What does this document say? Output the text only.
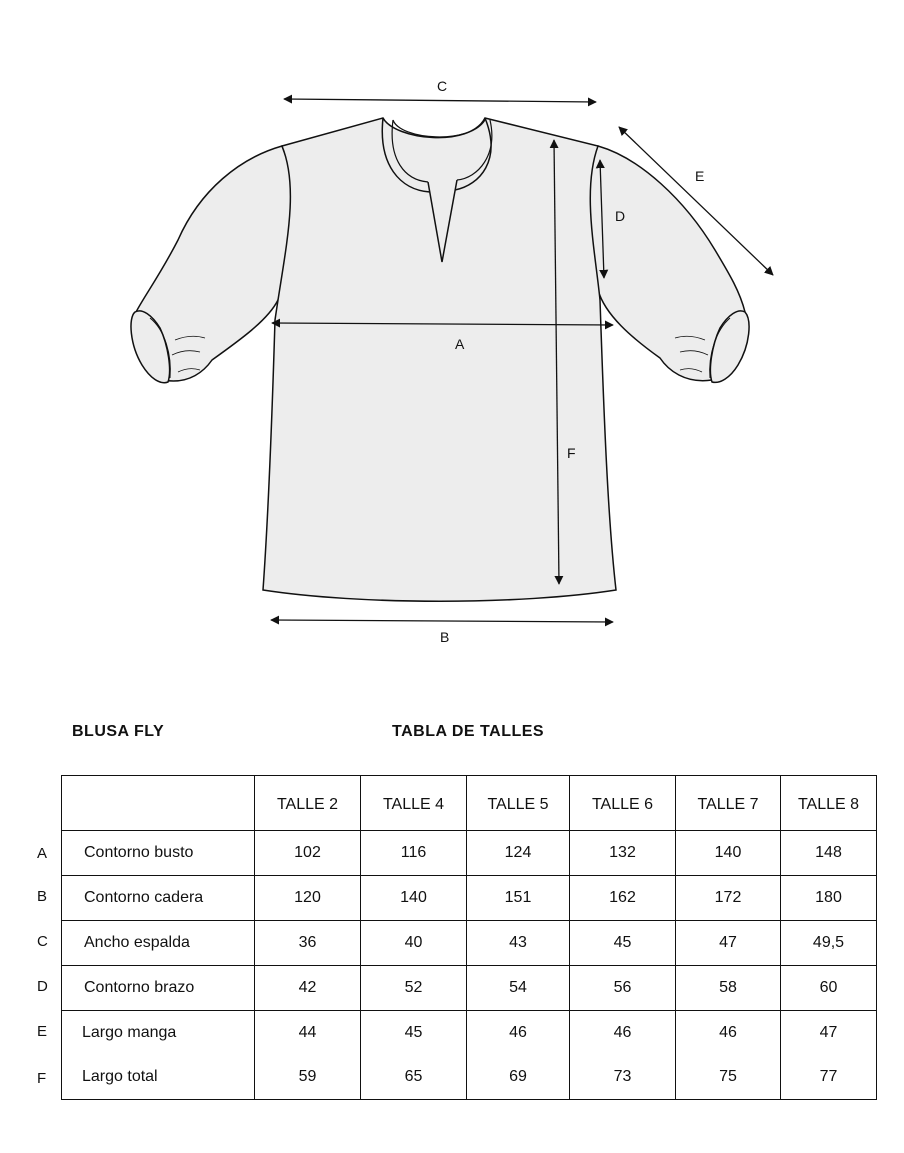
C
A
B
F
D
E
BLUSA FLY	TABLA DE TALLES
A
B
C
D
E
F
	TALLE 2	TALLE 4	TALLE 5	TALLE 6	TALLE 7	TALLE 8
Contorno busto	102	116	124	132	140	148
Contorno cadera	120	140	151	162	172	180
Ancho espalda	36	40	43	45	47	49,5
Contorno brazo	42	52	54	56	58	60
Largo manga	44	45	46	46	46	47
Largo total	59	65	69	73	75	77
